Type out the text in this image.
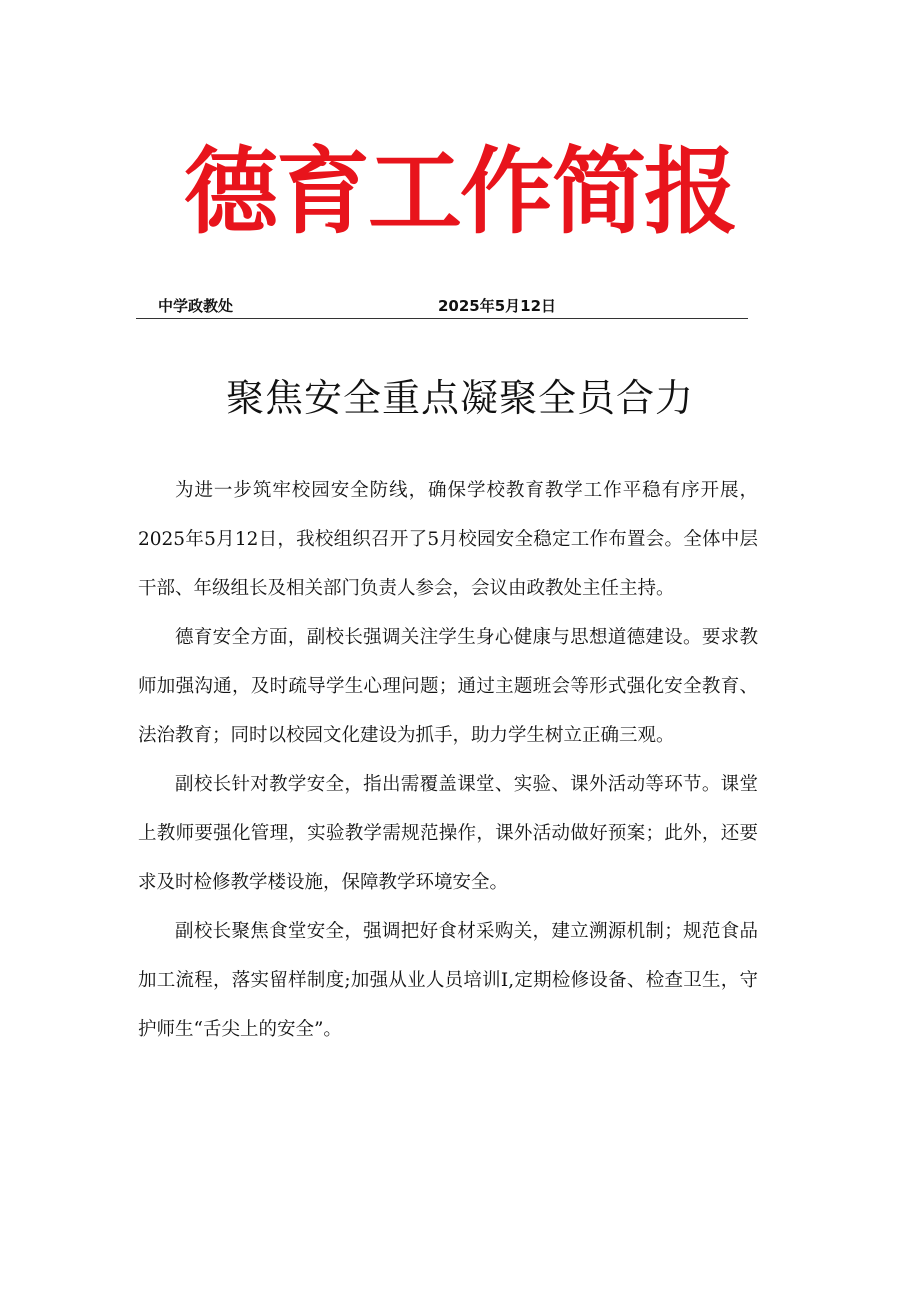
德育工作简报
中学政教处	2025年5月12日
聚焦安全重点凝聚全员合力

为进一步筑牢校园安全防线，确保学校教育教学工作平稳有序开展，2025年5月12日，我校组织召开了5月校园安全稳定工作布置会。全体中层干部、年级组长及相关部门负责人参会，会议由政教处主任主持。

德育安全方面，副校长强调关注学生身心健康与思想道德建设。要求教师加强沟通，及时疏导学生心理问题；通过主题班会等形式强化安全教育、法治教育；同时以校园文化建设为抓手，助力学生树立正确三观。

副校长针对教学安全，指出需覆盖课堂、实验、课外活动等环节。课堂上教师要强化管理，实验教学需规范操作，课外活动做好预案；此外，还要求及时检修教学楼设施，保障教学环境安全。

副校长聚焦食堂安全，强调把好食材采购关，建立溯源机制；规范食品加工流程，落实留样制度;加强从业人员培训I,定期检修设备、检查卫生，守护师生“舌尖上的安全”。
